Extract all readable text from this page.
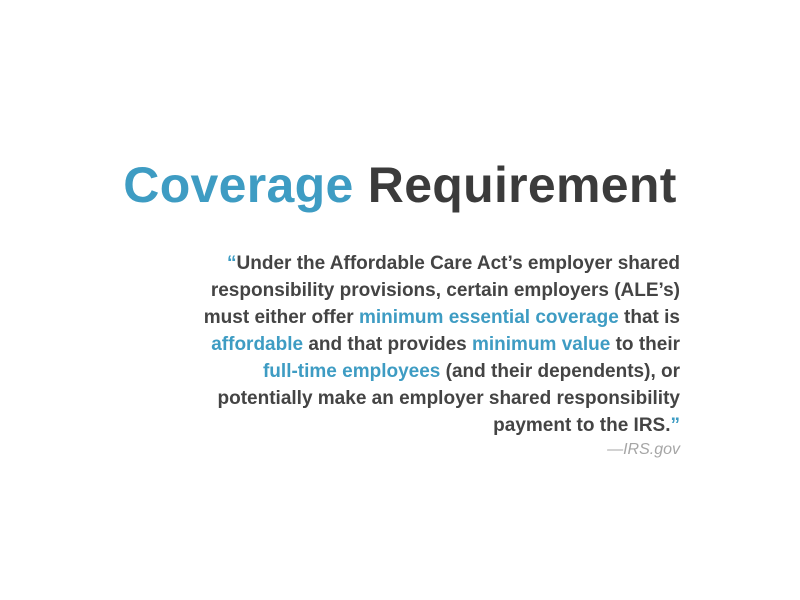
Coverage Requirement
“Under the Affordable Care Act’s employer shared
responsibility provisions, certain employers (ALE’s)
must either offer minimum essential coverage that is
affordable and that provides minimum value to their
full-time employees (and their dependents), or
potentially make an employer shared responsibility
payment to the IRS.”
—IRS.gov
